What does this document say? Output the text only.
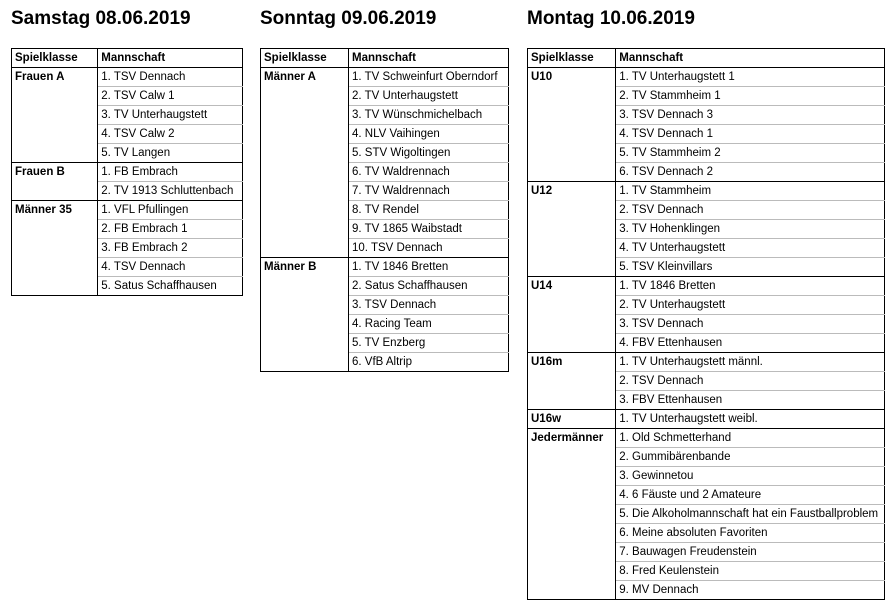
Samstag 08.06.2019
Spielklasse	Mannschaft
Frauen A	1. TSV Dennach
	2. TSV Calw 1
	3. TV Unterhaugstett
	4. TSV Calw 2
	5. TV Langen
Frauen B	1. FB Embrach
	2. TV 1913 Schluttenbach
Männer 35	1. VFL Pfullingen
	2. FB Embrach 1
	3. FB Embrach 2
	4. TSV Dennach
	5. Satus Schaffhausen
Sonntag 09.06.2019
Spielklasse	Mannschaft
Männer A	1. TV Schweinfurt Oberndorf
	2. TV Unterhaugstett
	3. TV Wünschmichelbach
	4. NLV Vaihingen
	5. STV Wigoltingen
	6. TV Waldrennach
	7. TV Waldrennach
	8. TV Rendel
	9. TV 1865 Waibstadt
	10. TSV Dennach
Männer B	1. TV 1846 Bretten
	2. Satus Schaffhausen
	3. TSV Dennach
	4. Racing Team
	5. TV Enzberg
	6. VfB Altrip
Montag 10.06.2019
Spielklasse	Mannschaft
U10	1. TV Unterhaugstett 1
	2. TV Stammheim 1
	3. TSV Dennach 3
	4. TSV Dennach 1
	5. TV Stammheim 2
	6. TSV Dennach 2
U12	1. TV Stammheim
	2. TSV Dennach
	3. TV Hohenklingen
	4. TV Unterhaugstett
	5. TSV Kleinvillars
U14	1. TV 1846 Bretten
	2. TV Unterhaugstett
	3. TSV Dennach
	4. FBV Ettenhausen
U16m	1. TV Unterhaugstett männl.
	2. TSV Dennach
	3. FBV Ettenhausen
U16w	1. TV Unterhaugstett weibl.
Jedermänner	1. Old Schmetterhand
	2. Gummibärenbande
	3. Gewinnetou
	4. 6 Fäuste und 2 Amateure
	5. Die Alkoholmannschaft hat ein Faustballproblem
	6. Meine absoluten Favoriten
	7. Bauwagen Freudenstein
	8. Fred Keulenstein
	9. MV Dennach
